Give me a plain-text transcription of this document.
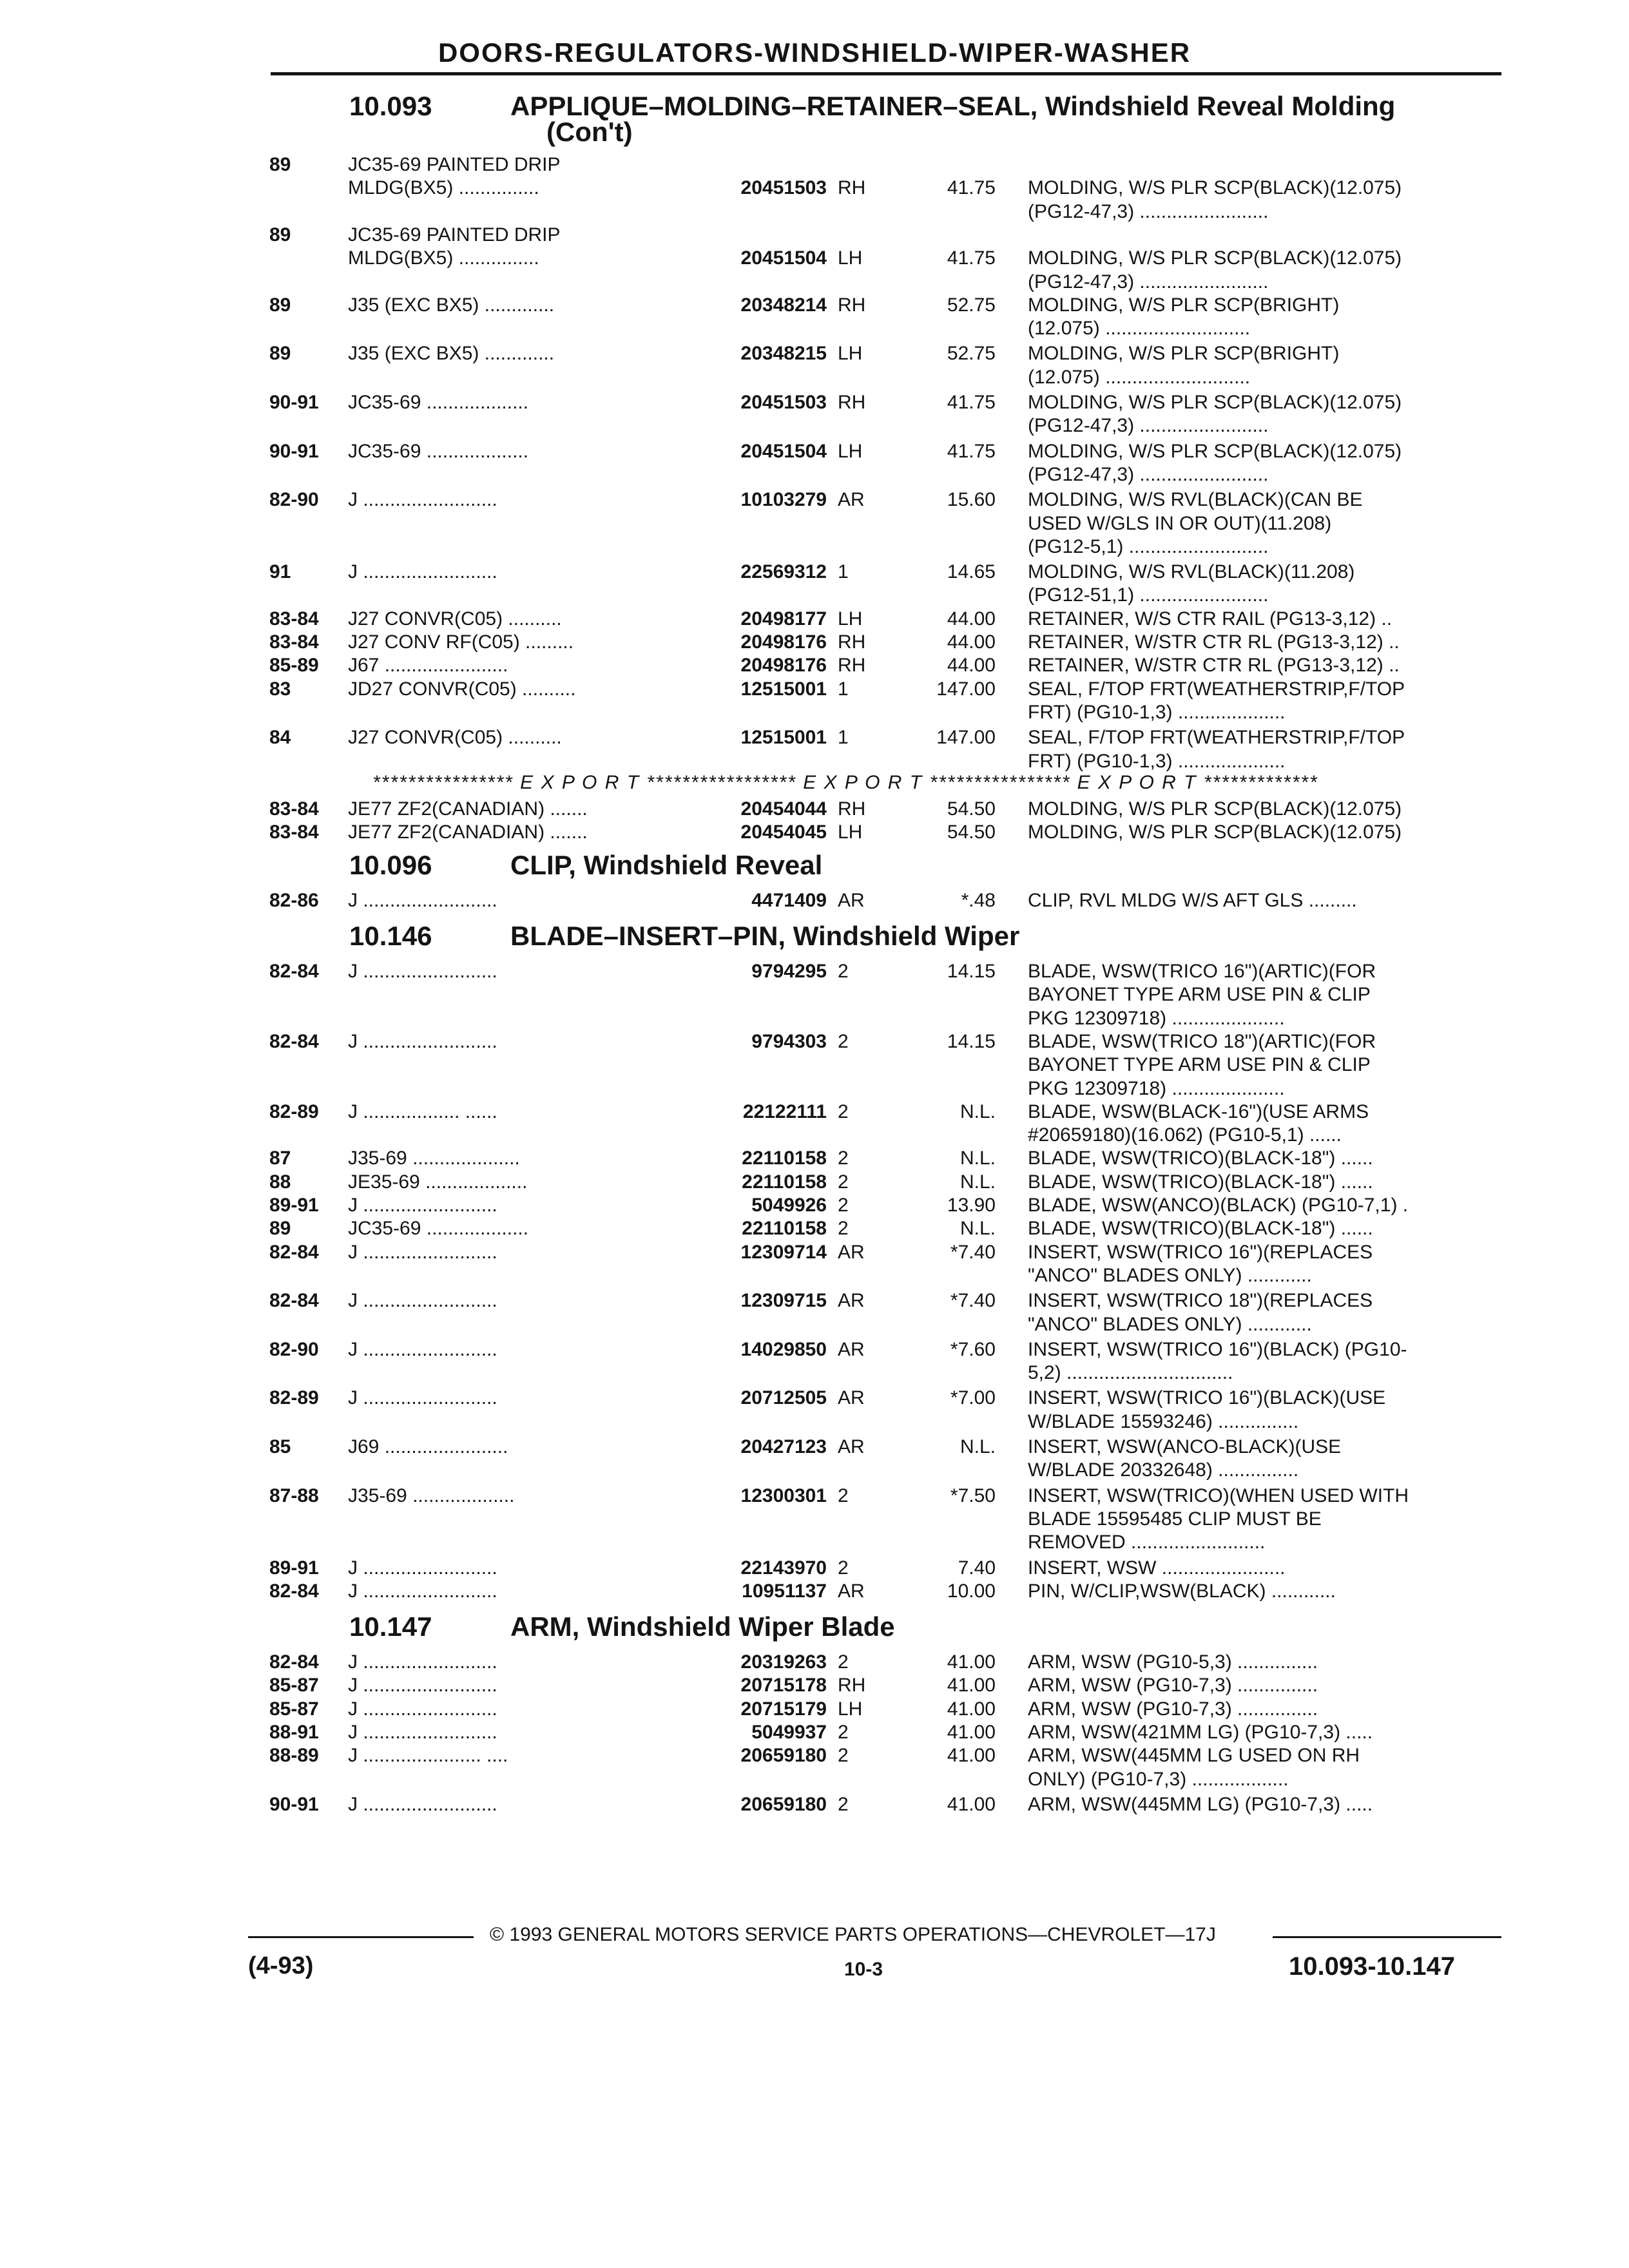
DOORS-REGULATORS-WINDSHIELD-WIPER-WASHER
10.093	APPLIQUE–MOLDING–RETAINER–SEAL, Windshield Reveal Molding
(Con't)
89	JC35-69 PAINTED DRIP
MLDG(BX5) ...............	20451503 RH	41.75 MOLDING, W/S PLR SCP(BLACK)(12.075)
(PG12-47,3) ........................
89	JC35-69 PAINTED DRIP
MLDG(BX5) ...............	20451504 LH	41.75 MOLDING, W/S PLR SCP(BLACK)(12.075)
(PG12-47,3) ........................
89	J35 (EXC BX5) .............	20348214 RH	52.75 MOLDING, W/S PLR SCP(BRIGHT)
(12.075) ...........................
89	J35 (EXC BX5) .............	20348215 LH	52.75 MOLDING, W/S PLR SCP(BRIGHT)
(12.075) ...........................
90-91 JC35-69 ...................	20451503 RH	41.75 MOLDING, W/S PLR SCP(BLACK)(12.075)
(PG12-47,3) ........................
90-91 JC35-69 ...................	20451504 LH	41.75 MOLDING, W/S PLR SCP(BLACK)(12.075)
(PG12-47,3) ........................
82-90 J .........................	10103279 AR	15.60 MOLDING, W/S RVL(BLACK)(CAN BE
USED W/GLS IN OR OUT)(11.208)
(PG12-5,1) ..........................
91	J .........................	22569312 1	14.65 MOLDING, W/S RVL(BLACK)(11.208)
(PG12-51,1) ........................
83-84 J27 CONVR(C05) ..........	20498177 LH	44.00 RETAINER, W/S CTR RAIL (PG13-3,12) ..
83-84 J27 CONV RF(C05) .........	20498176 RH	44.00 RETAINER, W/STR CTR RL (PG13-3,12) ..
85-89 J67 .......................	20498176 RH	44.00 RETAINER, W/STR CTR RL (PG13-3,12) ..
83	JD27 CONVR(C05) ..........	12515001 1	147.00 SEAL, F/TOP FRT(WEATHERSTRIP,F/TOP
FRT) (PG10-1,3) ....................
84	J27 CONVR(C05) ..........	12515001 1	147.00 SEAL, F/TOP FRT(WEATHERSTRIP,F/TOP
FRT) (PG10-1,3) ....................
83-84 JE77 ZF2(CANADIAN) .......	20454044 RH	54.50 MOLDING, W/S PLR SCP(BLACK)(12.075)
83-84 JE77 ZF2(CANADIAN) .......	20454045 LH	54.50 MOLDING, W/S PLR SCP(BLACK)(12.075)
10.096	CLIP, Windshield Reveal
82-86 J .........................	4471409 AR	*.48 CLIP, RVL MLDG W/S AFT GLS .........
10.146	BLADE–INSERT–PIN, Windshield Wiper
82-84 J .........................	9794295 2	14.15 BLADE, WSW(TRICO 16")(ARTIC)(FOR
BAYONET TYPE ARM USE PIN & CLIP
PKG 12309718) .....................
82-84 J .........................	9794303 2	14.15 BLADE, WSW(TRICO 18")(ARTIC)(FOR
BAYONET TYPE ARM USE PIN & CLIP
PKG 12309718) .....................
82-89 J .................. ......	22122111 2	N.L. BLADE, WSW(BLACK-16")(USE ARMS
#20659180)(16.062) (PG10-5,1) ......
87	J35-69 ....................	22110158 2	N.L. BLADE, WSW(TRICO)(BLACK-18") ......
88	JE35-69 ...................	22110158 2	N.L. BLADE, WSW(TRICO)(BLACK-18") ......
89-91 J .........................	5049926 2	13.90 BLADE, WSW(ANCO)(BLACK) (PG10-7,1) .
89	JC35-69 ...................	22110158 2	N.L. BLADE, WSW(TRICO)(BLACK-18") ......
82-84 J .........................	12309714 AR	*7.40 INSERT, WSW(TRICO 16")(REPLACES
"ANCO" BLADES ONLY) ............
82-84 J .........................	12309715 AR	*7.40 INSERT, WSW(TRICO 18")(REPLACES
"ANCO" BLADES ONLY) ............
82-90 J .........................	14029850 AR	*7.60 INSERT, WSW(TRICO 16")(BLACK) (PG10-
5,2) ...............................
82-89 J .........................	20712505 AR	*7.00 INSERT, WSW(TRICO 16")(BLACK)(USE
W/BLADE 15593246) ...............
85	J69 .......................	20427123 AR	N.L. INSERT, WSW(ANCO-BLACK)(USE
W/BLADE 20332648) ...............
87-88 J35-69 ...................	12300301 2	*7.50 INSERT, WSW(TRICO)(WHEN USED WITH
BLADE 15595485 CLIP MUST BE
REMOVED .........................
89-91 J .........................	22143970 2	7.40 INSERT, WSW .......................
82-84 J .........................	10951137 AR	10.00 PIN, W/CLIP,WSW(BLACK) ............
10.147	ARM, Windshield Wiper Blade
82-84 J .........................	20319263 2	41.00 ARM, WSW (PG10-5,3) ...............
85-87 J .........................	20715178 RH	41.00 ARM, WSW (PG10-7,3) ...............
85-87 J .........................	20715179 LH	41.00 ARM, WSW (PG10-7,3) ...............
88-91 J .........................	5049937 2	41.00 ARM, WSW(421MM LG) (PG10-7,3) .....
88-89 J ...................... ....	20659180 2	41.00 ARM, WSW(445MM LG USED ON RH
ONLY) (PG10-7,3) ..................
90-91 J .........................	20659180 2	41.00 ARM, WSW(445MM LG) (PG10-7,3) .....
**************** E X P O R T ***************** E X P O R T **************** E X P O R T *************
© 1993 GENERAL MOTORS SERVICE PARTS OPERATIONS—CHEVROLET—17J
(4-93)	10-3	10.093-10.147
